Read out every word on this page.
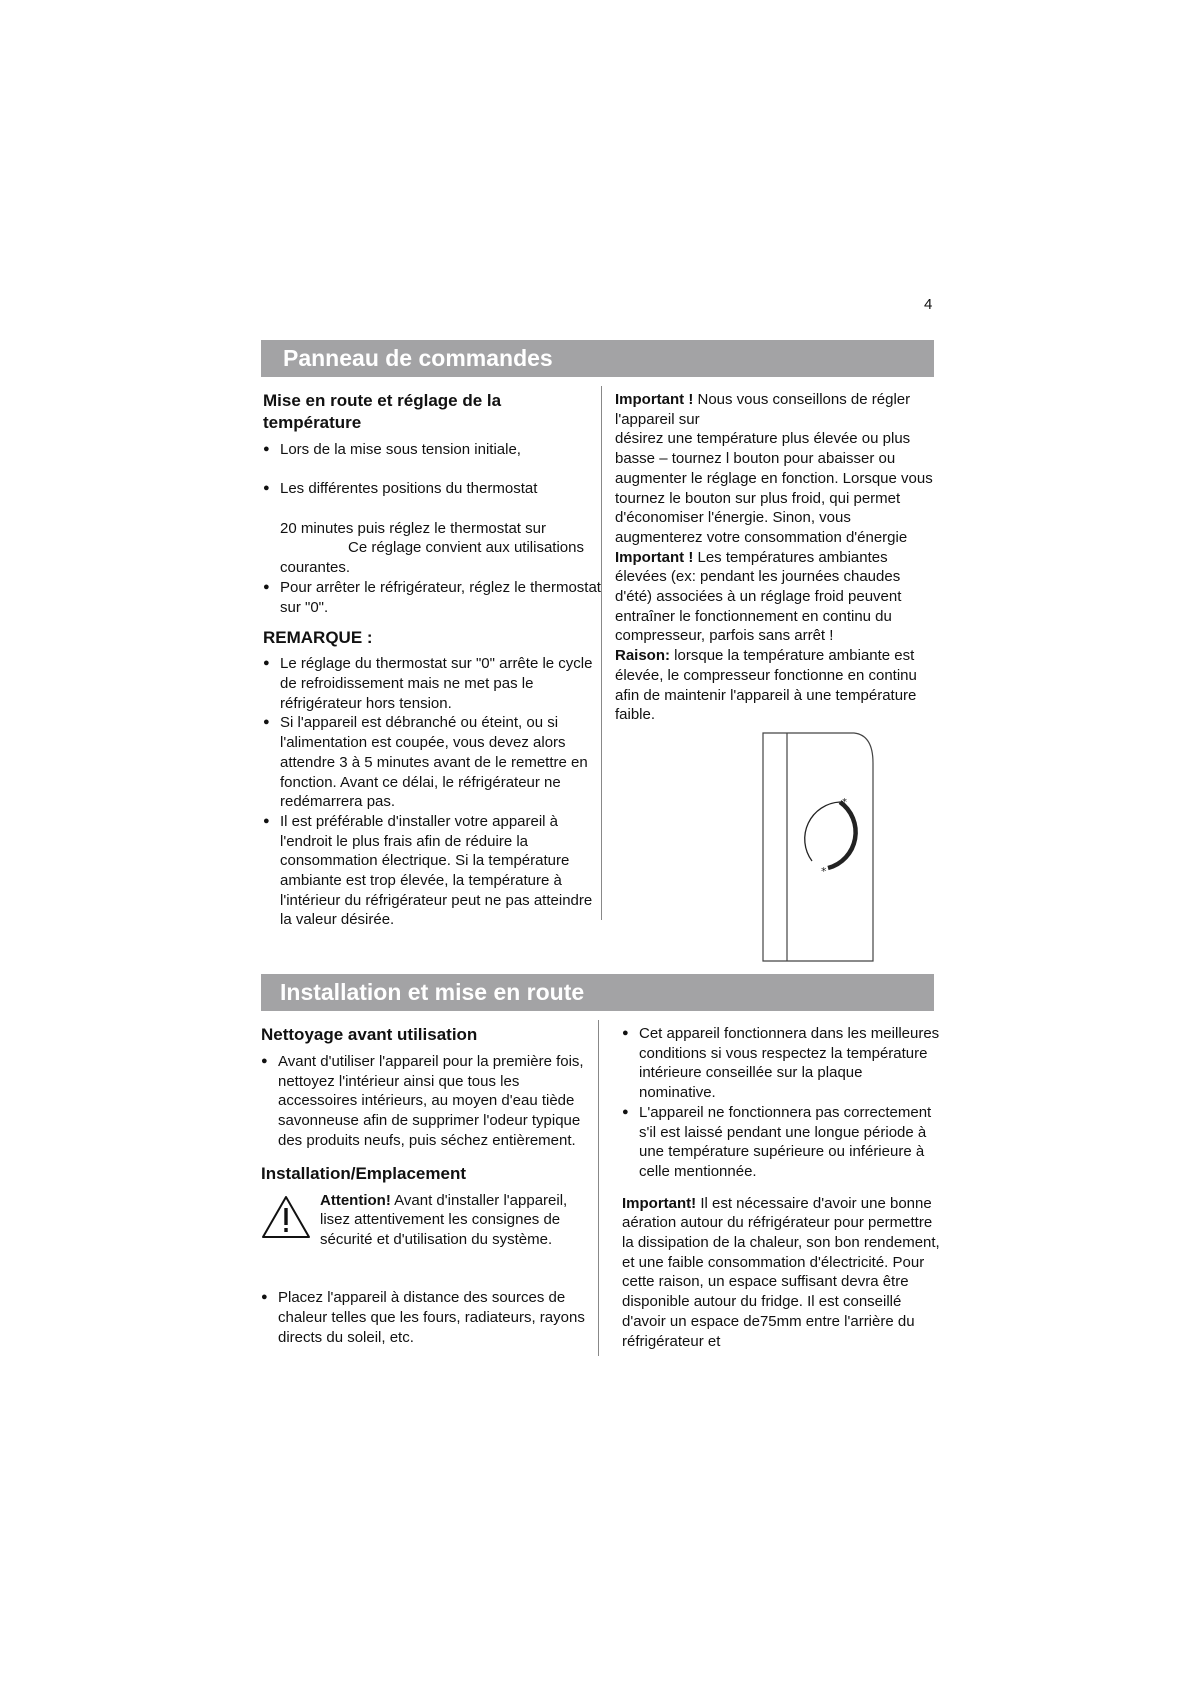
4
Panneau de commandes

Mise en route et réglage de la température

● Lors de la mise sous tension initiale,
● Les différentes positions du thermostat

20 minutes puis réglez le thermostat sur

Ce réglage convient aux utilisations

courantes.

● Pour arrêter le réfrigérateur, réglez le thermostat sur "0".

REMARQUE :

● Le réglage du thermostat sur "0" arrête le cycle de refroidissement mais ne met pas le réfrigérateur hors tension.
● Si l'appareil est débranché ou éteint, ou si l'alimentation est coupée, vous devez alors attendre 3 à 5 minutes avant de le remettre en fonction. Avant ce délai, le réfrigérateur ne redémarrera pas.
● Il est préférable d'installer votre appareil à l'endroit le plus frais afin de réduire la consommation électrique. Si la température ambiante est trop élevée, la température à l'intérieur du réfrigérateur peut ne pas atteindre la valeur désirée.

Important ! Nous vous conseillons de régler l'appareil sur

désirez une température plus élevée ou plus basse – tournez l bouton pour abaisser ou augmenter le réglage en fonction. Lorsque vous tournez le bouton sur plus froid, qui permet d'économiser l'énergie. Sinon, vous augmenterez votre consommation d'énergie

Important ! Les températures ambiantes élevées (ex: pendant les journées chaudes d'été) associées à un réglage froid peuvent entraîner le fonctionnement en continu du compresseur, parfois sans arrêt !

Raison: lorsque la température ambiante est élevée, le compresseur fonctionne en continu afin de maintenir l'appareil à une température faible.

*
*
Installation et mise en route

Nettoyage avant utilisation

● Avant d'utiliser l'appareil pour la première fois, nettoyez l'intérieur ainsi que tous les accessoires intérieurs, au moyen d'eau tiède savonneuse afin de supprimer l'odeur typique des produits neufs, puis séchez entièrement.

Installation/Emplacement

Attention! Avant d'installer l'appareil, lisez attentivement les consignes de sécurité et d'utilisation du système.
● Placez l'appareil à distance des sources de chaleur telles que les fours, radiateurs, rayons directs du soleil, etc.
● Cet appareil fonctionnera dans les meilleures conditions si vous respectez la température intérieure conseillée sur la plaque nominative.
● L'appareil ne fonctionnera pas correctement s'il est laissé pendant une longue période à une température supérieure ou inférieure à celle mentionnée.

Important! Il est nécessaire d'avoir une bonne aération autour du réfrigérateur pour permettre la dissipation de la chaleur, son bon rendement, et une faible consommation d'électricité. Pour cette raison, un espace suffisant devra être disponible autour du fridge. Il est conseillé d'avoir un espace de75mm entre l'arrière du réfrigérateur et
